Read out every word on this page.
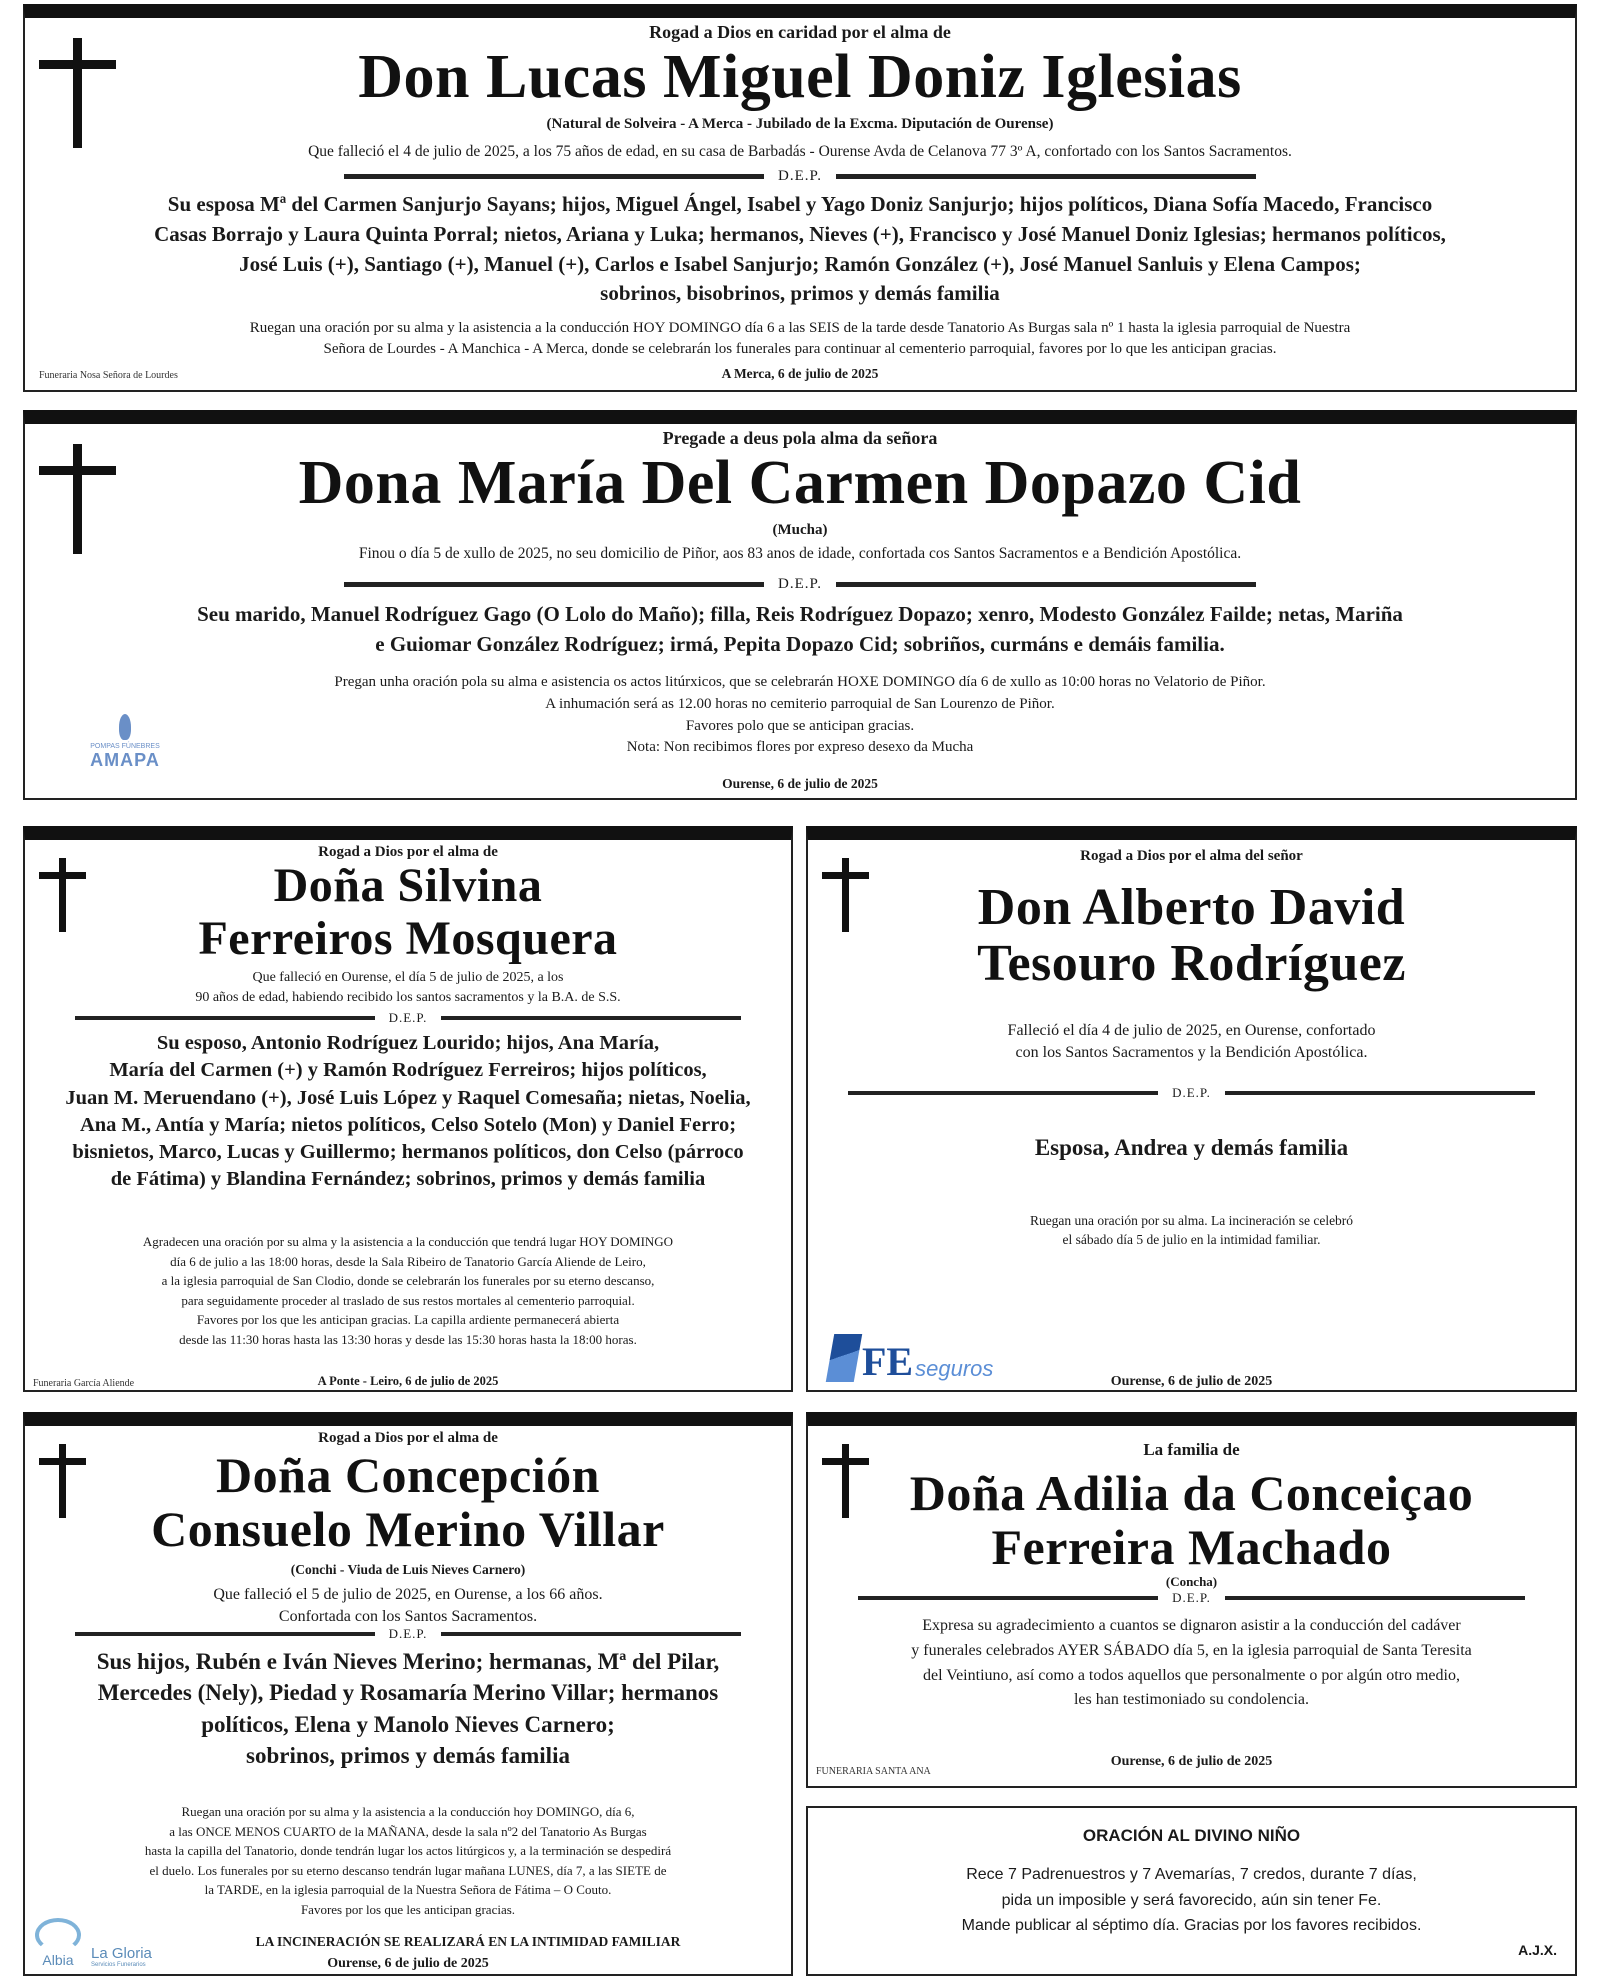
Rogad a Dios en caridad por el alma de

Don Lucas Miguel Doniz Iglesias

(Natural de Solveira - A Merca - Jubilado de la Excma. Diputación de Ourense)

Que falleció el 4 de julio de 2025, a los 75 años de edad, en su casa de Barbadás - Ourense Avda de Celanova 77 3º A, confortado con los Santos Sacramentos.

D.E.P.
Su esposa Mª del Carmen Sanjurjo Sayans; hijos, Miguel Ángel, Isabel y Yago Doniz Sanjurjo; hijos políticos, Diana Sofía Macedo, Francisco
Casas Borrajo y Laura Quinta Porral; nietos, Ariana y Luka; hermanos, Nieves (+), Francisco y José Manuel Doniz Iglesias; hermanos políticos,
José Luis (+), Santiago (+), Manuel (+), Carlos e Isabel Sanjurjo; Ramón González (+), José Manuel Sanluis y Elena Campos;
sobrinos, bisobrinos, primos y demás familia
Ruegan una oración por su alma y la asistencia a la conducción HOY DOMINGO día 6 a las SEIS de la tarde desde Tanatorio As Burgas sala nº 1 hasta la iglesia parroquial de Nuestra
Señora de Lourdes - A Manchica - A Merca, donde se celebrarán los funerales para continuar al cementerio parroquial, favores por lo que les anticipan gracias.
Funeraria Nosa Señora de Lourdes	A Merca, 6 de julio de 2025

Pregade a deus pola alma da señora

Dona María Del Carmen Dopazo Cid

(Mucha)

Finou o día 5 de xullo de 2025, no seu domicilio de Piñor, aos 83 anos de idade, confortada cos Santos Sacramentos e a Bendición Apostólica.

D.E.P.
Seu marido, Manuel Rodríguez Gago (O Lolo do Maño); filla, Reis Rodríguez Dopazo; xenro, Modesto González Failde; netas, Mariña
e Guiomar González Rodríguez; irmá, Pepita Dopazo Cid; sobriños, curmáns e demáis familia.
Pregan unha oración pola su alma e asistencia os actos litúrxicos, que se celebrarán HOXE DOMINGO día 6 de xullo as 10:00 horas no Velatorio de Piñor.
A inhumación será as 12.00 horas no cemiterio parroquial de San Lourenzo de Piñor.
Favores polo que se anticipan gracias.
Nota: Non recibimos flores por expreso desexo da Mucha
POMPAS FÚNEBRES
AMAPA

Ourense, 6 de julio de 2025

Rogad a Dios por el alma de

Doña Silvina
Ferreiros Mosquera
Que falleció en Ourense, el día 5 de julio de 2025, a los
90 años de edad, habiendo recibido los santos sacramentos y la B.A. de S.S.
D.E.P.
Su esposo, Antonio Rodríguez Lourido; hijos, Ana María,
María del Carmen (+) y Ramón Rodríguez Ferreiros; hijos políticos,
Juan M. Meruendano (+), José Luis López y Raquel Comesaña; nietas, Noelia,
Ana M., Antía y María; nietos políticos, Celso Sotelo (Mon) y Daniel Ferro;
bisnietos, Marco, Lucas y Guillermo; hermanos políticos, don Celso (párroco
de Fátima) y Blandina Fernández; sobrinos, primos y demás familia
Agradecen una oración por su alma y la asistencia a la conducción que tendrá lugar HOY DOMINGO
día 6 de julio a las 18:00 horas, desde la Sala Ribeiro de Tanatorio García Aliende de Leiro,
a la iglesia parroquial de San Clodio, donde se celebrarán los funerales por su eterno descanso,
para seguidamente proceder al traslado de sus restos mortales al cementerio parroquial.
Favores por los que les anticipan gracias. La capilla ardiente permanecerá abierta
desde las 11:30 horas hasta las 13:30 horas y desde las 15:30 horas hasta la 18:00 horas.
Funeraria García Aliende	A Ponte - Leiro, 6 de julio de 2025

Rogad a Dios por el alma del señor

Don Alberto David
Tesouro Rodríguez
Falleció el día 4 de julio de 2025, en Ourense, confortado
con los Santos Sacramentos y la Bendición Apostólica.
D.E.P.
Esposa, Andrea y demás familia
Ruegan una oración por su alma. La incineración se celebró
el sábado día 5 de julio en la intimidad familiar.
FE seguros

Ourense, 6 de julio de 2025

Rogad a Dios por el alma de

Doña Concepción
Consuelo Merino Villar

(Conchi - Viuda de Luis Nieves Carnero)

Que falleció el 5 de julio de 2025, en Ourense, a los 66 años.
Confortada con los Santos Sacramentos.
D.E.P.
Sus hijos, Rubén e Iván Nieves Merino; hermanas, Mª del Pilar,
Mercedes (Nely), Piedad y Rosamaría Merino Villar; hermanos
políticos, Elena y Manolo Nieves Carnero;
sobrinos, primos y demás familia
Ruegan una oración por su alma y la asistencia a la conducción hoy DOMINGO, día 6,
a las ONCE MENOS CUARTO de la MAÑANA, desde la sala nº2 del Tanatorio As Burgas
hasta la capilla del Tanatorio, donde tendrán lugar los actos litúrgicos y, a la terminación se despedirá
el duelo. Los funerales por su eterno descanso tendrán lugar mañana LUNES, día 7, a las SIETE de
la TARDE, en la iglesia parroquial de la Nuestra Señora de Fátima – O Couto.
Favores por los que les anticipan gracias.

LA INCINERACIÓN SE REALIZARÁ EN LA INTIMIDAD FAMILIAR

Albia	La Gloria
Servicios Funerarios	Ourense, 6 de julio de 2025

La familia de

Doña Adilia da Conceiçao
Ferreira Machado

(Concha)

D.E.P.
Expresa su agradecimiento a cuantos se dignaron asistir a la conducción del cadáver
y funerales celebrados AYER SÁBADO día 5, en la iglesia parroquial de Santa Teresita
del Veintiuno, así como a todos aquellos que personalmente o por algún otro medio,
les han testimoniado su condolencia.
FUNERARIA SANTA ANA

Ourense, 6 de julio de 2025

ORACIÓN AL DIVINO NIÑO

Rece 7 Padrenuestros y 7 Avemarías, 7 credos, durante 7 días,
pida un imposible y será favorecido, aún sin tener Fe.
Mande publicar al séptimo día. Gracias por los favores recibidos.
A.J.X.
